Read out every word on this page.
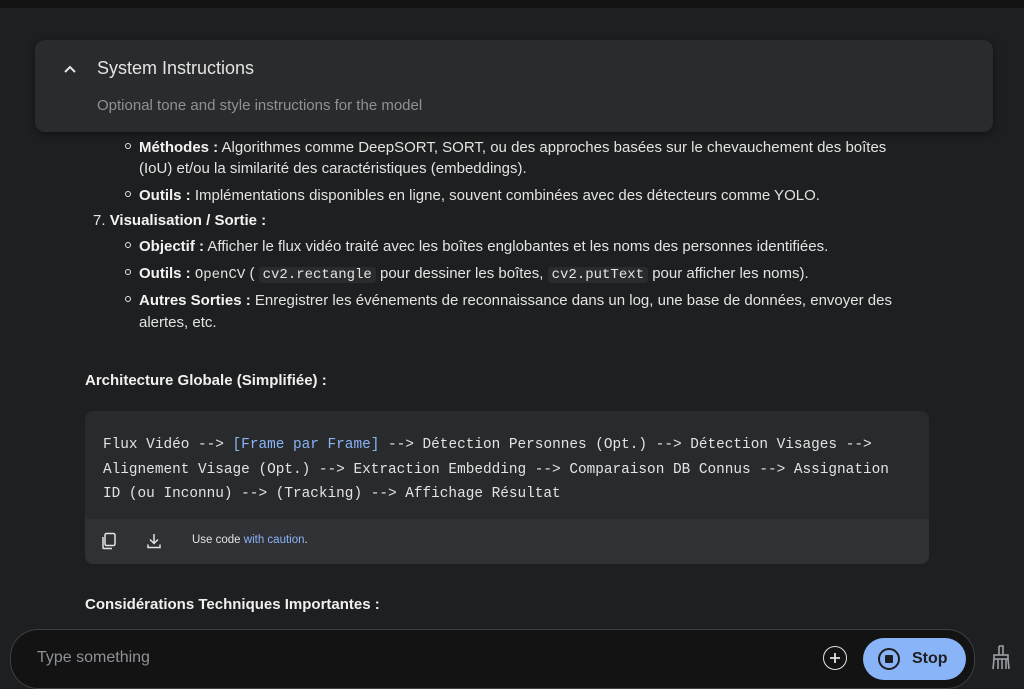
Méthodes : Algorithmes comme DeepSORT, SORT, ou des approches basées sur le chevauchement des boîtes
(IoU) et/ou la similarité des caractéristiques (embeddings).
Outils : Implémentations disponibles en ligne, souvent combinées avec des détecteurs comme YOLO.
7. Visualisation / Sortie :
Objectif : Afficher le flux vidéo traité avec les boîtes englobantes et les noms des personnes identifiées.
Outils : OpenCV ( cv2.rectangle pour dessiner les boîtes, cv2.putText pour afficher les noms).
Autres Sorties : Enregistrer les événements de reconnaissance dans un log, une base de données, envoyer des
alertes, etc.
Architecture Globale (Simplifiée) :
Flux Vidéo --> [Frame par Frame] --> Détection Personnes (Opt.) --> Détection Visages -->
Alignement Visage (Opt.) --> Extraction Embedding --> Comparaison DB Connus --> Assignation
ID (ou Inconnu) --> (Tracking) --> Affichage Résultat
Use code with caution.
Considérations Techniques Importantes :
System Instructions
Optional tone and style instructions for the model
Type something	Stop
